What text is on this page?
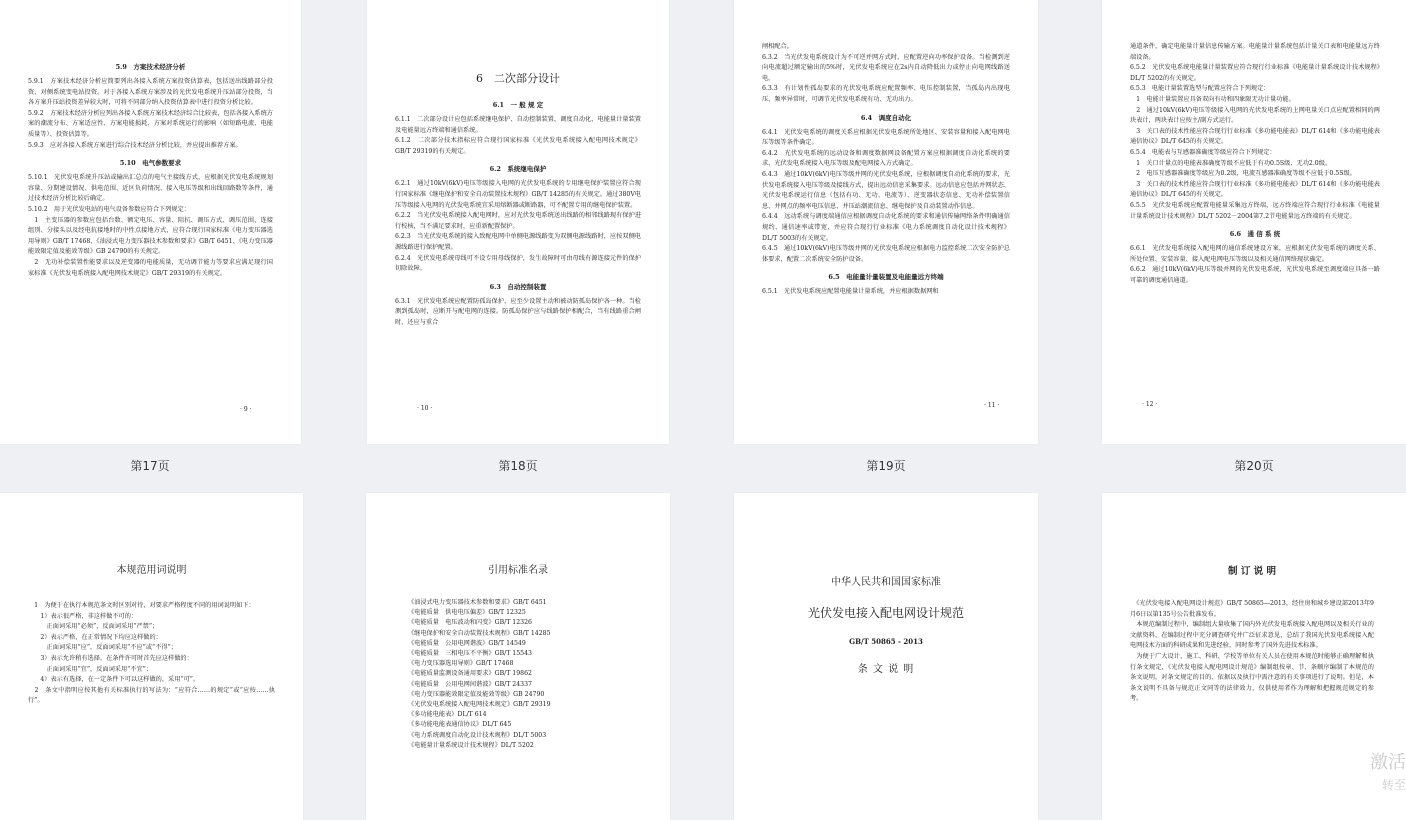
5.9　方案技术经济分析

5.9.1　方案技术经济分析应简要列出各接入系统方案投资估算表，包括送出线路部分投资、对侧系统变电站投资。对于各接入系统方案涉及的光伏发电系统升压站部分投资，当各方案升压站投资差异较大时，可将不同部分纳入投资估算表中进行投资分析比较。

5.9.2　方案技术经济分析应列出各接入系统方案技术经济综合比较表，包括各接入系统方案的潮流分布、方案适应性、方案电能损耗、方案对系统运行的影响（如短路电流、电能质量等）、投资估算等。

5.9.3　应对各接入系统方案进行综合技术经济分析比较，并应提出推荐方案。

5.10　电气参数要求

5.10.1　光伏发电系统升压站或输出汇总点的电气主接线方式，应根据光伏发电系统规划容量、分期建设情况、供电范围、近区负荷情况、接入电压等级和出线回路数等条件，通过技术经济分析比较后确定。

5.10.2　用于光伏发电站的电气设备参数应符合下列规定：

　1　主变压器的参数应包括台数、额定电压、容量、阻抗、调压方式、调压范围、连接组别、分接头以及经电抗接地时的中性点接地方式，应符合现行国家标准《电力变压器选用导则》GB/T 17468、《油浸式电力变压器技术参数和要求》GB/T 6451、《电力变压器能效限定值及能效等级》GB 24790的有关规定。

　2　无功补偿装置性能要求以及逆变器的电能质量，无功调节能力等要求应满足现行国家标准《光伏发电系统接入配电网技术规定》GB/T 29319的有关规定。

· 9 ·

6　二次部分设计

6.1　一 般 规 定

6.1.1　二次部分设计应包括系统继电保护、自动控制装置、调度自动化、电能量计量装置及电能量远方终端和通信系统。

6.1.2　二次部分技术指标应符合现行国家标准《光伏发电系统接入配电网技术规定》GB/T 29319的有关规定。

6.2　系统继电保护

6.2.1　通过10kV(6kV)电压等级接入电网的光伏发电系统的专用继电保护装置应符合现行国家标准《继电保护和安全自动装置技术规程》GB/T 14285的有关规定。通过380V电压等级接入电网的光伏发电系统宜采用熔断器或断路器，可不配置专用的继电保护装置。

6.2.2　当光伏发电系统接入配电网时，应对光伏发电系统送出线路的相邻线路现有保护进行校核，当不满足要求时，应重新配置保护。

6.2.3　当光伏发电系统的接入致配电网中单侧电源线路变为双侧电源线路时，应按双侧电源线路进行保护配置。

6.2.4　光伏发电系统母线可不设专用母线保护，发生故障时可由母线有源连接元件的保护切除故障。

6.3　自动控制装置

6.3.1　光伏发电系统应配置防孤岛保护，应至少设置主动和被动防孤岛保护各一种。当检测到孤岛时，应断开与配电网的连接。防孤岛保护应与线路保护相配合，当有线路重合闸时，还应与重合

· 10 ·

闸相配合。

6.3.2　当光伏发电系统设计为不可逆并网方式时，应配置逆向功率保护设备。当检测到逆向电流超过额定输出的5%时，光伏发电系统应在2s内自动降低出力或停止向电网线路送电。

6.3.3　有计划性孤岛要求的光伏发电系统应配置频率、电压控制装置，当孤岛内出现电压、频率异常时，可调节光伏发电系统有功、无功出力。

6.4　调度自动化

6.4.1　光伏发电系统的调度关系应根据光伏发电系统所处地区、安装容量和接入配电网电压等级等条件确定。

6.4.2　光伏发电系统的远动设备和调度数据网设备配置方案应根据调度自动化系统的要求、光伏发电系统接入电压等级及配电网接入方式确定。

6.4.3　通过10kV(6kV)电压等级并网的光伏发电系统，应根据调度自动化系统的要求，光伏发电系统接入电压等级及接线方式，提出远动信息采集要求。远动信息应包括并网状态、光伏发电系统运行信息（包括有功、无功、电流等）、逆变器状态信息、无功补偿装置信息、并网点的频率电压信息、并压站潮流信息、继电保护及自动装置动作信息。

6.4.4　远动系统与调度端通信应根据调度自动化系统的要求和通信传输网络条件明确通信规约、通信速率或带宽，并应符合现行行业标准《电力系统调度自动化设计技术规程》DL/T 5003的有关规定。

6.4.5　通过10kV(6kV)电压等级并网的光伏发电系统应根据电力监控系统二次安全防护总体要求，配置二次系统安全防护设备。

6.5　电能量计量装置及电能量远方终端

6.5.1　光伏发电系统应配置电能量计量系统，并应根据数据网和

· 11 ·

通道条件，确定电能量计量信息传输方案。电能量计量系统包括计量关口表和电能量远方终端设备。

6.5.2　光伏发电系统电能量计量装置应符合现行行业标准《电能量计量系统设计技术规程》DL/T 5202的有关规定。

6.5.3　电能计量装置选型与配置应符合下列规定：

　1　电能计量装置应具备双向有功和四象限无功计量功能。

　2　通过10kV(6kV)电压等级接入电网的光伏发电系统的上网电量关口点应配置相同的两块表计，两块表计应按主/副方式运行。

　3　关口表的技术性能应符合现行行业标准《多功能电能表》DL/T 614和《多功能电能表通信协议》DL/T 645的有关规定。

6.5.4　电能表与互感器准确度等级应符合下列规定：

　1　关口计量点的电能表准确度等级不应低于有功0.5S级、无功2.0级。

　2　电压互感器准确度等级应为0.2级，电流互感器准确度等级不应低于0.5S级。

　3　关口表的技术性能应符合现行行业标准《多功能电能表》DL/T 614和《多功能电能表通信协议》DL/T 645的有关规定。

6.5.5　光伏发电系统应配置电能量采集远方终端，远方终端应符合现行行业标准《电能量计量系统设计技术规程》DL/T 5202－2004第7.2节电能量远方终端的有关规定。

6.6　通 信 系 统

6.6.1　光伏发电系统接入配电网的通信系统建设方案，应根据光伏发电系统的调度关系、所处位置、安装容量、接入配电网电压等级以及相关通信网络现状确定。

6.6.2　通过10kV(6kV)电压等级并网的光伏发电系统，光伏发电系统至调度端应具备一路可靠的调度通信通道。

· 12 ·
第17页	第18页	第19页	第20页

本规范用词说明

　1　为便于在执行本规范条文时区别对待，对要求严格程度不同的用词说明如下：

　　1）表示很严格，非这样做不可的：

　　　正面词采用“必须”，反面词采用“严禁”；

　　2）表示严格，在正常情况下均应这样做的：

　　　正面词采用“应”，反面词采用“不应”或“不得”；

　　3）表示允许稍有选择，在条件许可时首先应这样做的：

　　　正面词采用“宜”，反面词采用“不宜”；

　　4）表示有选择，在一定条件下可以这样做的，采用“可”。

　2　条文中指明应按其他有关标准执行的写法为：“应符合……的规定”或“应按……执行”。

引用标准名录

《油浸式电力变压器技术参数和要求》GB/T 6451

《电能质量　供电电压偏差》GB/T 12325

《电能质量　电压波动和闪变》GB/T 12326

《继电保护和安全自动装置技术规程》GB/T 14285

《电能质量　公用电网谐波》GB/T 14549

《电能质量　三相电压不平衡》GB/T 15543

《电力变压器选用导则》GB/T 17468

《电能质量监测设备通用要求》GB/T 19862

《电能质量　公用电网间谐波》GB/T 24337

《电力变压器能效限定值及能效等级》GB 24790

《光伏发电系统接入配电网技术规定》GB/T 29319

《多功能电能表》DL/T 614

《多功能电能表通信协议》DL/T 645

《电力系统调度自动化设计技术规程》DL/T 5003

《电能量计量系统设计技术规程》DL/T 5202

中华人民共和国国家标准

光伏发电接入配电网设计规范

GB/T 50865 - 2013

条 文 说 明

制 订 说 明

　《光伏发电接入配电网设计规范》GB/T 50865—2013，经住房和城乡建设部2013年9月6日以第135号公告批准发布。

　本规范编制过程中，编制组大量收集了国内外光伏发电系统接入配电网以及相关行业的文献资料，在编制过程中充分调查研究并广泛征求意见，总结了我国光伏发电系统接入配电网技术方面的科研成果和先进经验，同时参考了国外先进技术标准。

　为便于广大设计、施工、科研、学校等单位有关人员在使用本规范时能够正确理解和执行条文规定，《光伏发电接入配电网设计规范》编制组按章、节、条顺序编制了本规范的条文说明，对条文规定的目的、依据以及执行中需注意的有关事项进行了说明。但是，本条文说明不具备与规范正文同等的法律效力，仅供使用者作为理解和把握规范规定的参考。

激活
转至
